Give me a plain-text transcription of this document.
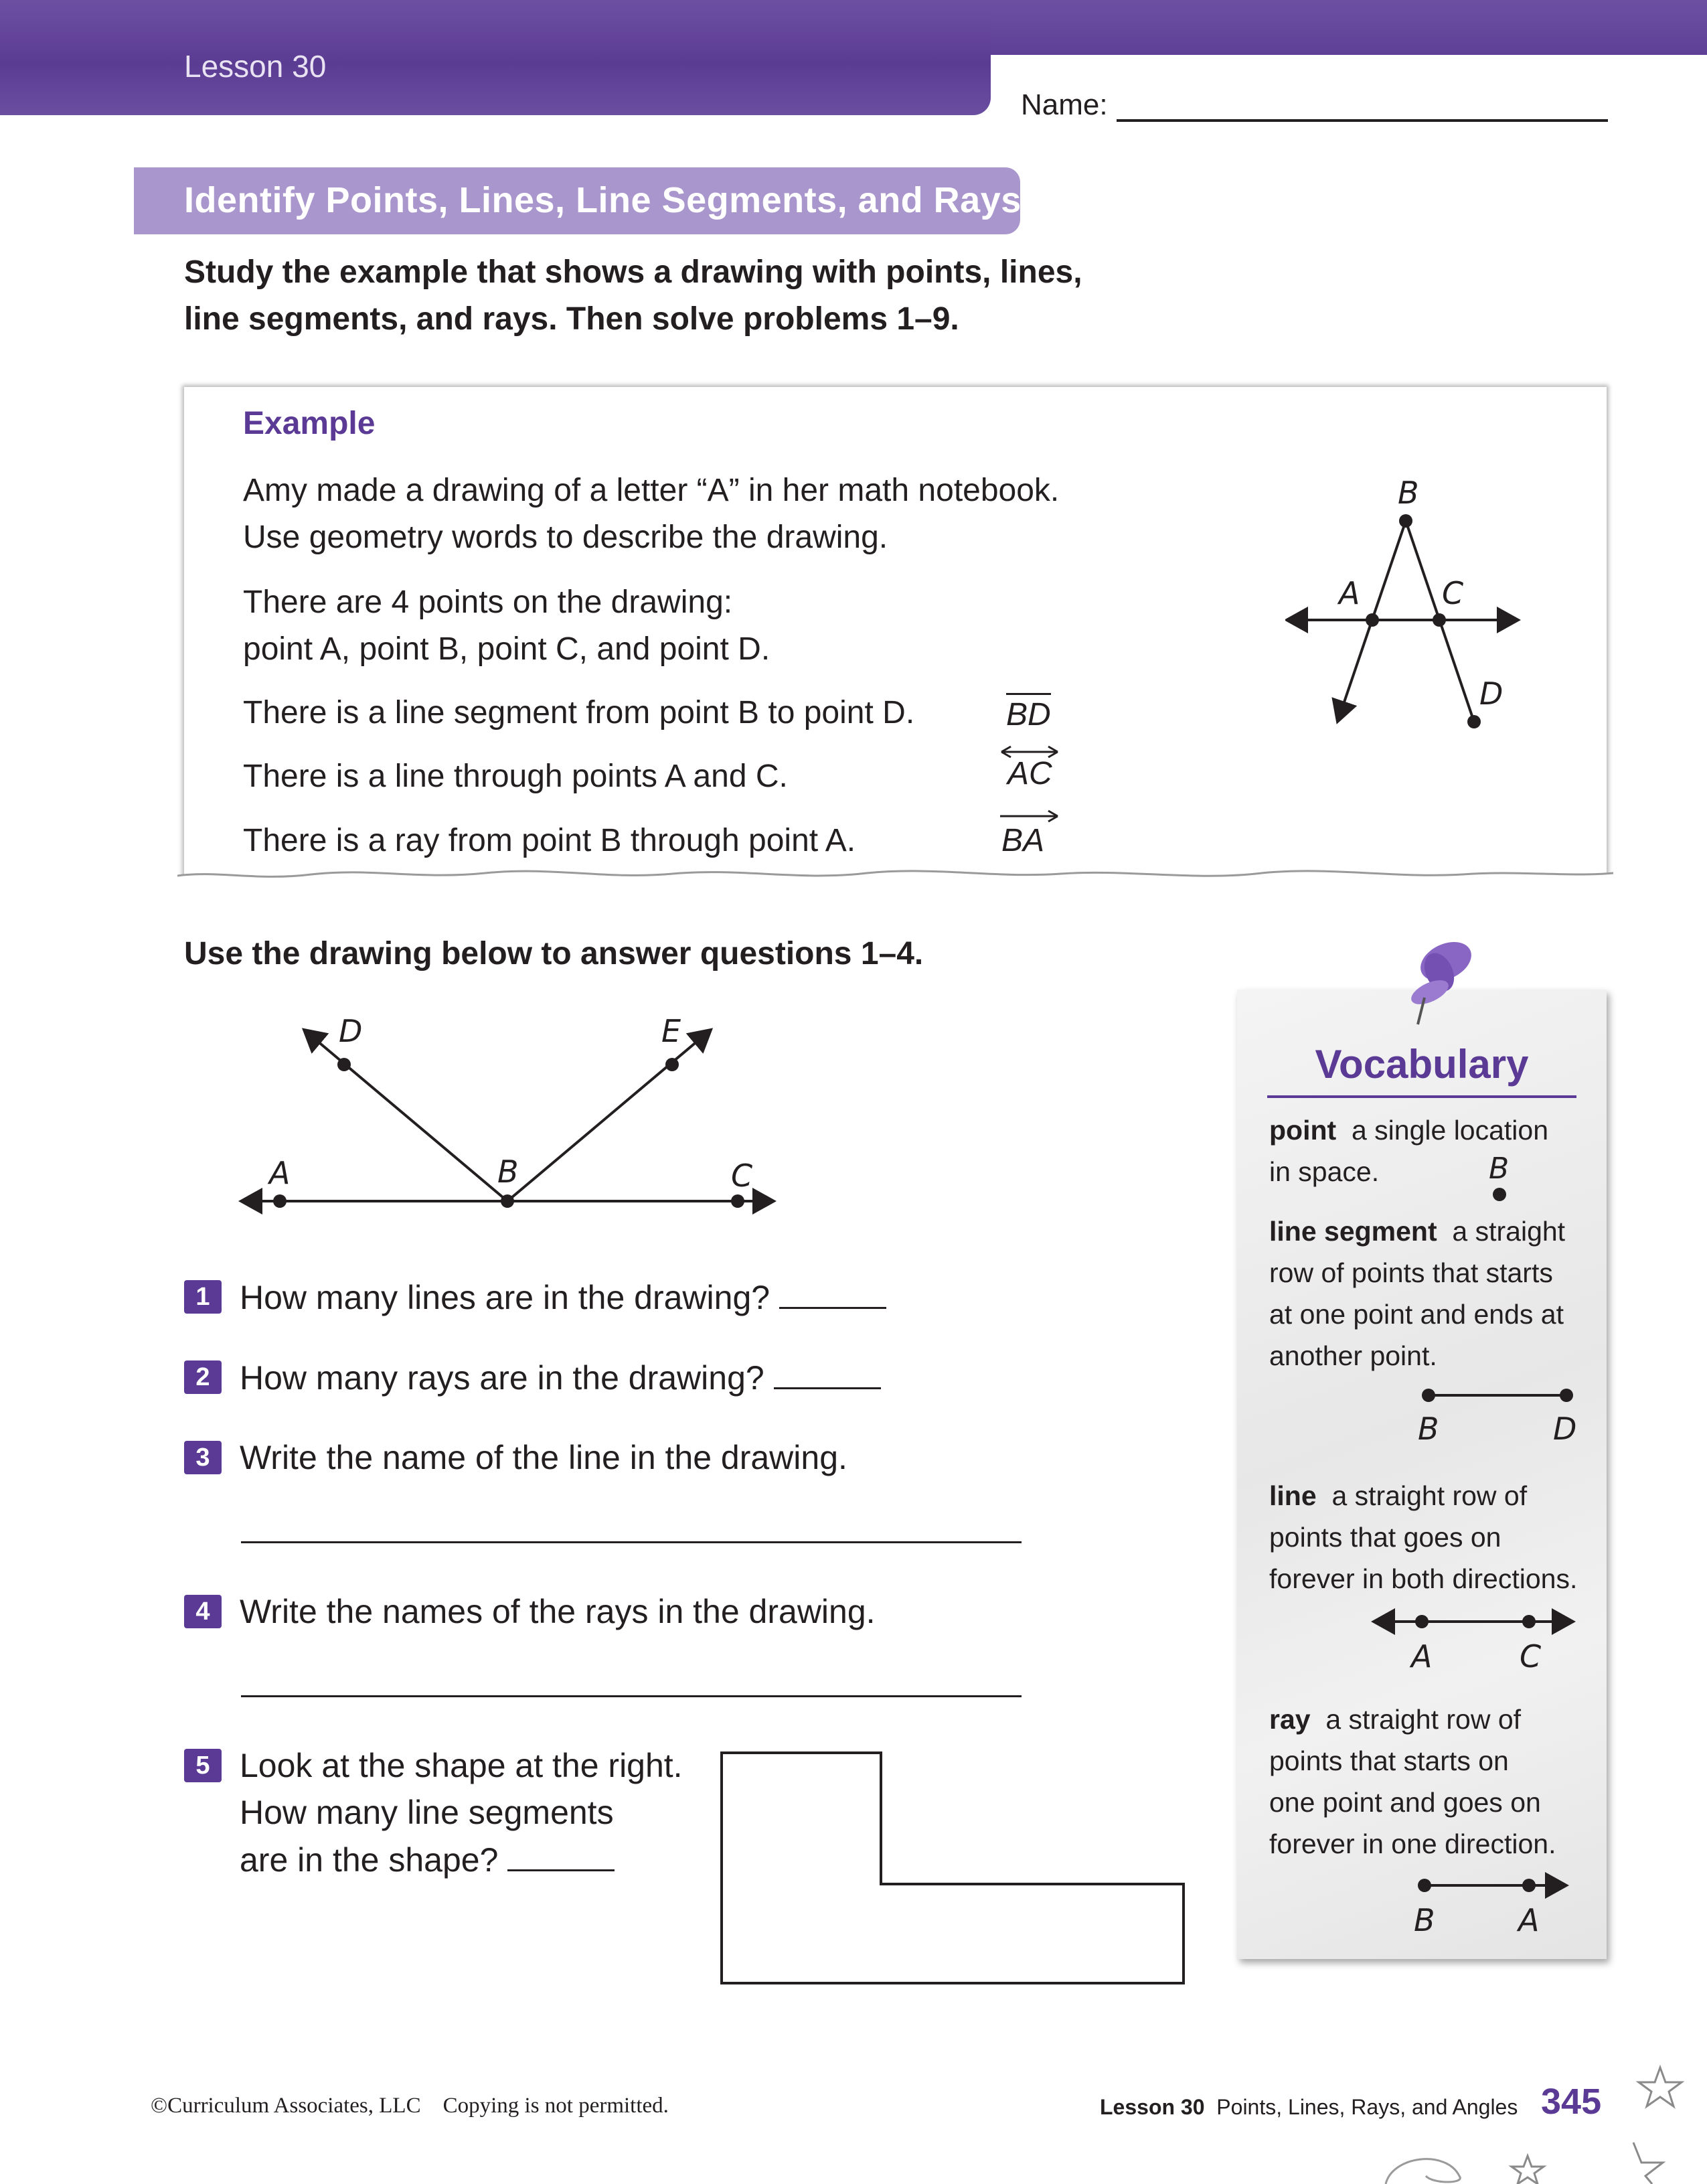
Lesson 30
Name:
Identify Points, Lines, Line Segments, and Rays
Study the example that shows a drawing with points, lines,
line segments, and rays. Then solve problems 1–9.
Example
Amy made a drawing of a letter “A” in her math notebook.
Use geometry words to describe the drawing.
There are 4 points on the drawing:
point A, point B, point C, and point D.
There is a line segment from point B to point D.
There is a line through points A and C.
There is a ray from point B through point A.
BD
AC
BA
B
A	C
D
Use the drawing below to answer questions 1–4.
A	B	C
D	E
1 How many lines are in the drawing?
2 How many rays are in the drawing?
3 Write the name of the line in the drawing.
4 Write the names of the rays in the drawing.
5 Look at the shape at the right.
How many line segments
are in the shape?
Vocabulary
point a single location
in space.	B
line segment a straight
row of points that starts
at one point and ends at
another point.
B	D
line a straight row of
points that goes on
forever in both directions.
A	C
ray a straight row of
points that starts on
one point and goes on
forever in one direction.
B	A
©Curriculum Associates, LLC    Copying is not permitted.	Lesson 30 Points, Lines, Rays, and Angles 345
